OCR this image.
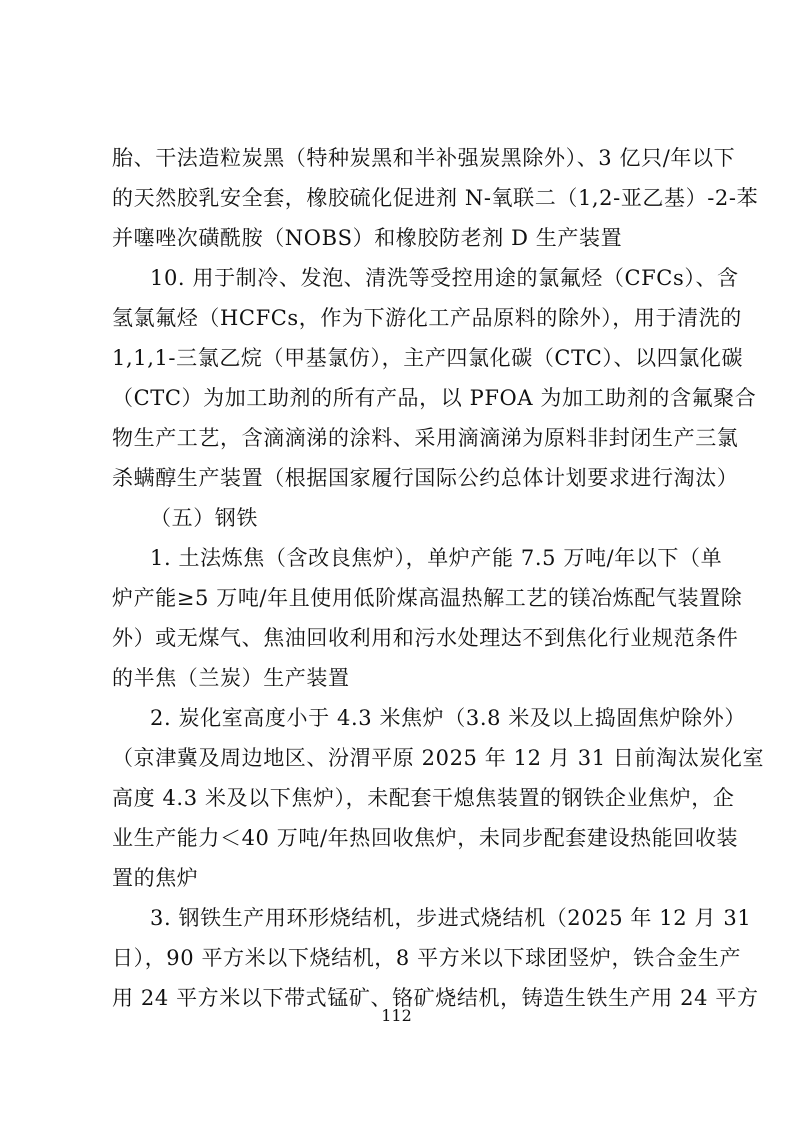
胎、干法造粒炭黑（特种炭黑和半补强炭黑除外）、3 亿只/年以下
的天然胶乳安全套，橡胶硫化促进剂 N-氧联二（1,2-亚乙基）-2-苯
并噻唑次磺酰胺（NOBS）和橡胶防老剂 D 生产装置
10. 用于制冷、发泡、清洗等受控用途的氯氟烃（CFCs）、含
氢氯氟烃（HCFCs，作为下游化工产品原料的除外），用于清洗的
1,1,1-三氯乙烷（甲基氯仿），主产四氯化碳（CTC）、以四氯化碳
（CTC）为加工助剂的所有产品，以 PFOA 为加工助剂的含氟聚合
物生产工艺，含滴滴涕的涂料、采用滴滴涕为原料非封闭生产三氯
杀螨醇生产装置（根据国家履行国际公约总体计划要求进行淘汰）
（五）钢铁
1. 土法炼焦（含改良焦炉），单炉产能 7.5 万吨/年以下（单
炉产能≥5 万吨/年且使用低阶煤高温热解工艺的镁冶炼配气装置除
外）或无煤气、焦油回收利用和污水处理达不到焦化行业规范条件
的半焦（兰炭）生产装置
2. 炭化室高度小于 4.3 米焦炉（3.8 米及以上捣固焦炉除外）
（京津冀及周边地区、汾渭平原 2025 年 12 月 31 日前淘汰炭化室
高度 4.3 米及以下焦炉），未配套干熄焦装置的钢铁企业焦炉，企
业生产能力＜40 万吨/年热回收焦炉，未同步配套建设热能回收装
置的焦炉
3. 钢铁生产用环形烧结机，步进式烧结机（2025 年 12 月 31
日），90 平方米以下烧结机，8 平方米以下球团竖炉，铁合金生产
用 24 平方米以下带式锰矿、铬矿烧结机，铸造生铁生产用 24 平方
112
